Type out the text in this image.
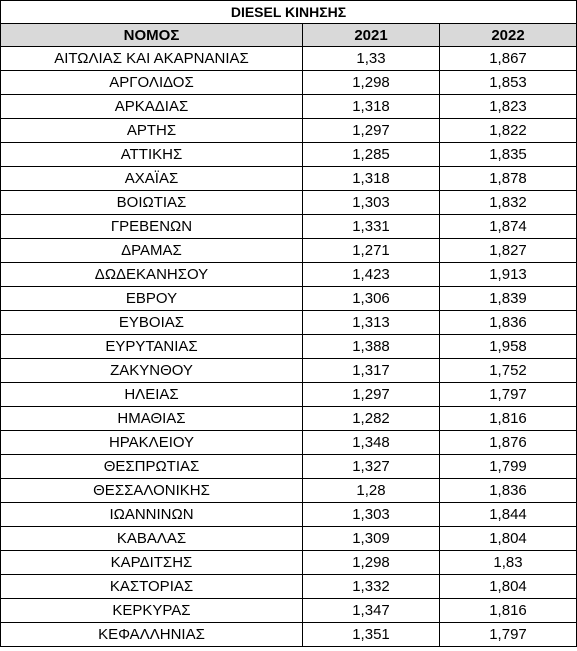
DIESEL ΚΙΝΗΣΗΣ		
ΝΟΜΟΣ	2021	2022
ΑΙΤΩΛΙΑΣ ΚΑΙ ΑΚΑΡΝΑΝΙΑΣ	1,33	1,867
ΑΡΓΟΛΙΔΟΣ	1,298	1,853
ΑΡΚΑΔΙΑΣ	1,318	1,823
ΑΡΤΗΣ	1,297	1,822
ΑΤΤΙΚΗΣ	1,285	1,835
ΑΧΑΪΑΣ	1,318	1,878
ΒΟΙΩΤΙΑΣ	1,303	1,832
ΓΡΕΒΕΝΩΝ	1,331	1,874
ΔΡΑΜΑΣ	1,271	1,827
ΔΩΔΕΚΑΝΗΣΟΥ	1,423	1,913
ΕΒΡΟΥ	1,306	1,839
ΕΥΒΟΙΑΣ	1,313	1,836
ΕΥΡΥΤΑΝΙΑΣ	1,388	1,958
ΖΑΚΥΝΘΟΥ	1,317	1,752
ΗΛΕΙΑΣ	1,297	1,797
ΗΜΑΘΙΑΣ	1,282	1,816
ΗΡΑΚΛΕΙΟΥ	1,348	1,876
ΘΕΣΠΡΩΤΙΑΣ	1,327	1,799
ΘΕΣΣΑΛΟΝΙΚΗΣ	1,28	1,836
ΙΩΑΝΝΙΝΩΝ	1,303	1,844
ΚΑΒΑΛΑΣ	1,309	1,804
ΚΑΡΔΙΤΣΗΣ	1,298	1,83
ΚΑΣΤΟΡΙΑΣ	1,332	1,804
ΚΕΡΚΥΡΑΣ	1,347	1,816
ΚΕΦΑΛΛΗΝΙΑΣ	1,351	1,797
